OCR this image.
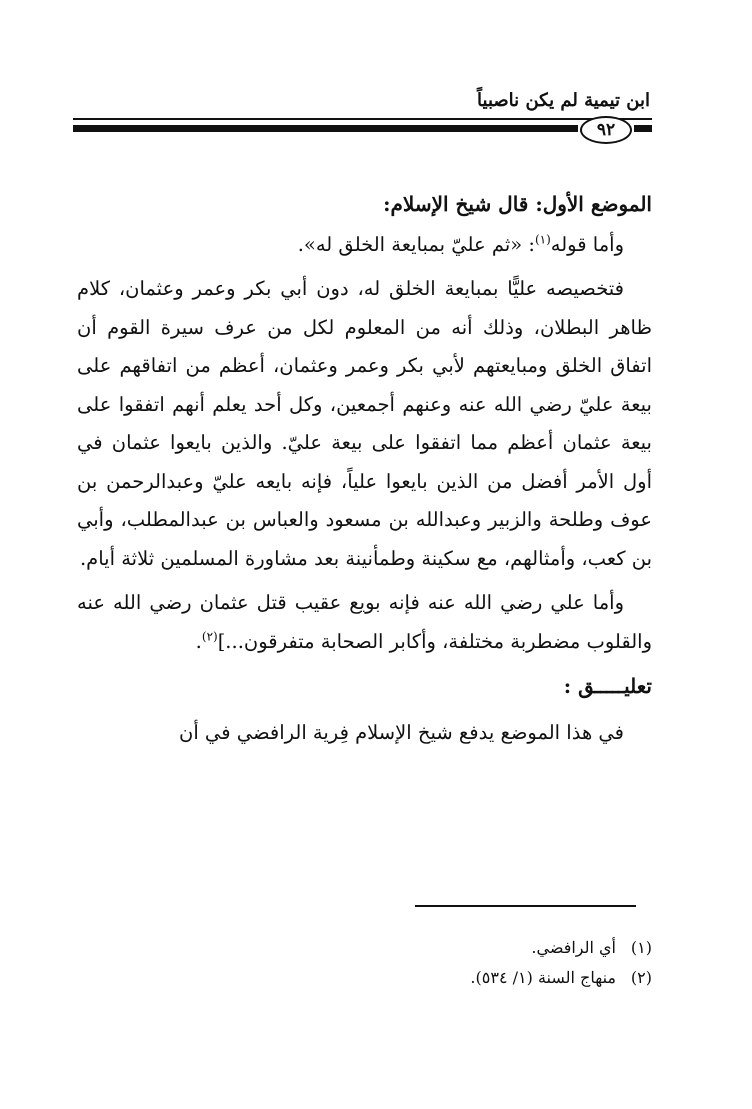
ابن تيمية لم يكن ناصبياً
٩٢

الموضع الأول: قال شيخ الإسلام:

وأما قوله$^{(١)}$: «ثم عليّ بمبايعة الخلق له».

فتخصيصه عليًّا بمبايعة الخلق له، دون أبي بكر وعمر وعثمان، كلام ظاهر البطلان، وذلك أنه من المعلوم لكل من عرف سيرة القوم أن اتفاق الخلق ومبايعتهم لأبي بكر وعمر وعثمان، أعظم من اتفاقهم على بيعة عليّ رضي الله عنه وعنهم أجمعين، وكل أحد يعلم أنهم اتفقوا على بيعة عثمان أعظم مما اتفقوا على بيعة عليّ. والذين بايعوا عثمان في أول الأمر أفضل من الذين بايعوا علياً، فإنه بايعه عليّ وعبدالرحمن بن عوف وطلحة والزبير وعبدالله بن مسعود والعباس بن عبدالمطلب، وأبي بن كعب، وأمثالهم، مع سكينة وطمأنينة بعد مشاورة المسلمين ثلاثة أيام.

وأما علي رضي الله عنه فإنه بويع عقيب قتل عثمان رضي الله عنه والقلوب مضطربة مختلفة، وأكابر الصحابة متفرقون...]$^{(٢)}$.

تعليـــــق :

في هذا الموضع يدفع شيخ الإسلام فِرية الرافضي في أن

(١)أي الرافضي.
(٢)منهاج السنة (١/ ٥٣٤).
